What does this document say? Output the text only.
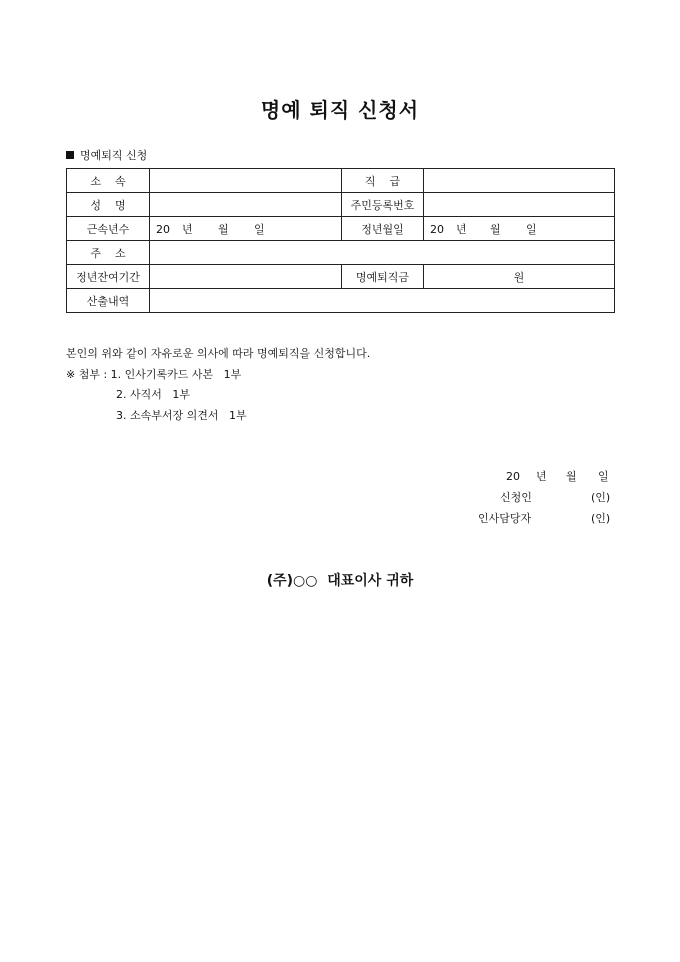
명예 퇴직 신청서
명예퇴직 신청
소    속		직    급	
성    명		주민등록번호	
근속년수	20 년 월 일	정년월일	20 년 월 일
주    소			
정년잔여기간		명예퇴직금	원
산출내역			
본인의 위와 같이 자유로운 의사에 따라 명예퇴직을 신청합니다.
※ 첨부 : 1. 인사기록카드 사본   1부
2. 사직서   1부
3. 소속부서장 의견서   1부
20 년 월 일
신청인	(인)
인사담당자	(인)
(주)○○  대표이사 귀하
